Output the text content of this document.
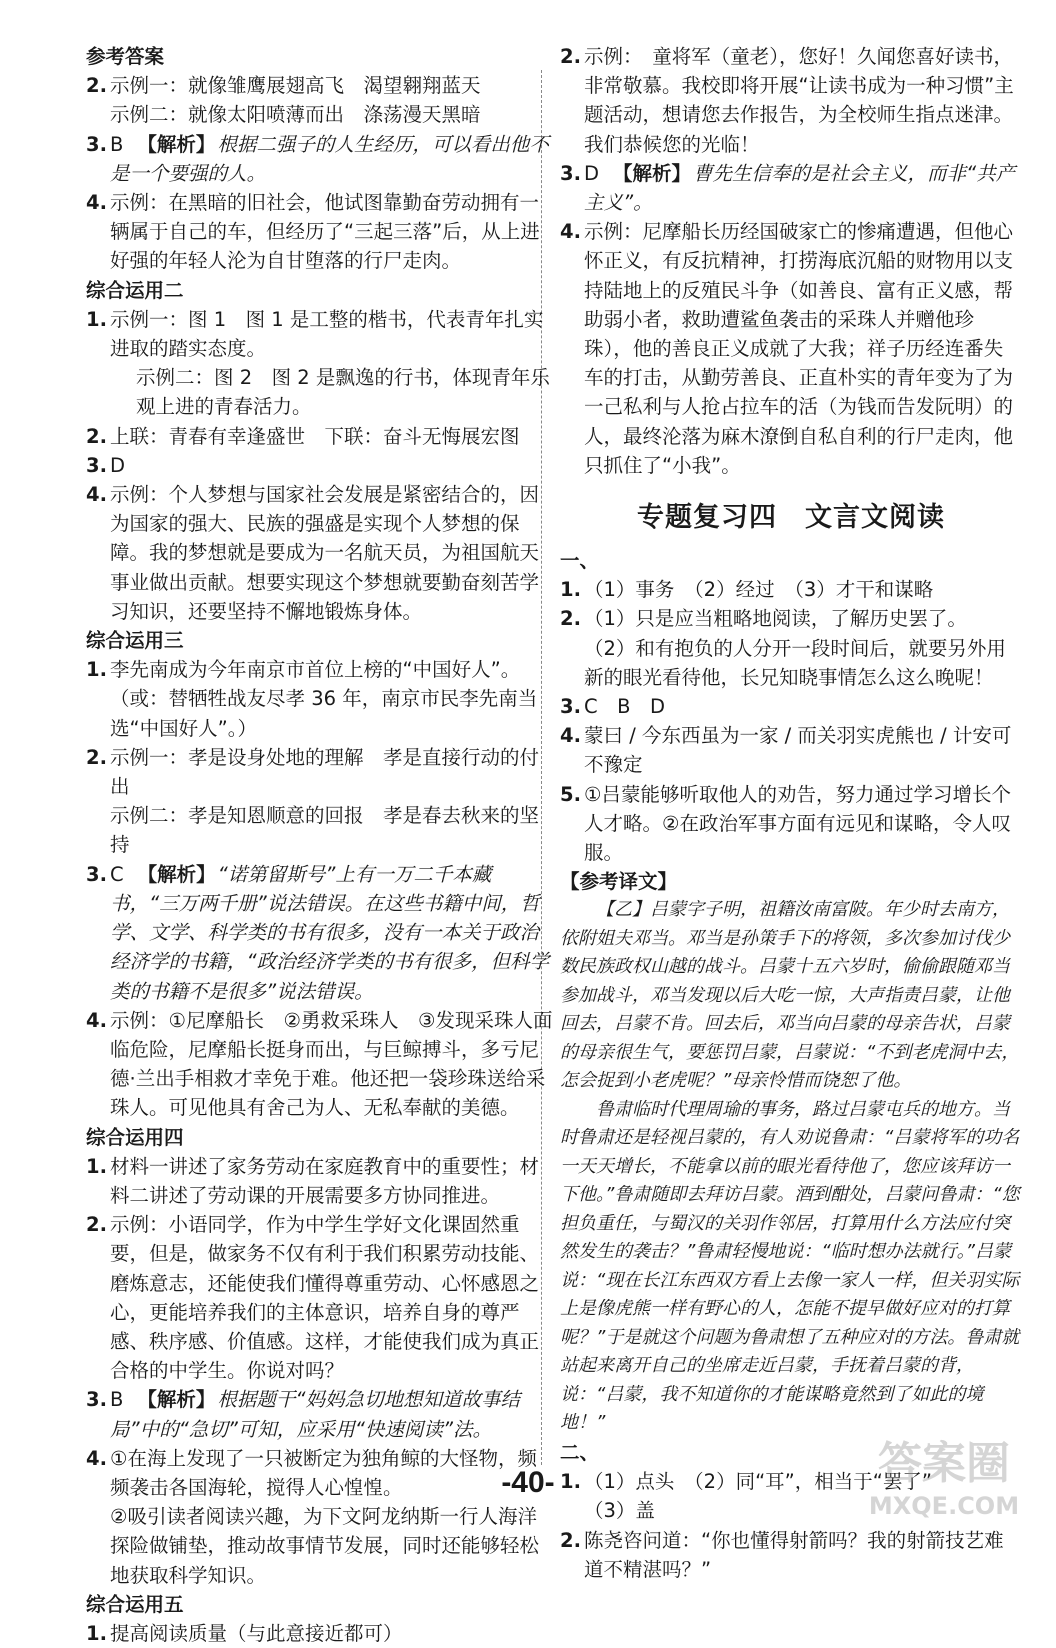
参考答案
2. 示例一：就像雏鹰展翅高飞　渴望翱翔蓝天
示例二：就像太阳喷薄而出　涤荡漫天黑暗
3. B 【解析】 根据二强子的人生经历，可以看出他不是一个要强的人。
4. 示例：在黑暗的旧社会，他试图靠勤奋劳动拥有一辆属于自己的车，但经历了“三起三落”后，从上进好强的年轻人沦为自甘堕落的行尸走肉。
综合运用二
1. 示例一：图 1　图 1 是工整的楷书，代表青年扎实进取的踏实态度。
示例二：图 2　图 2 是飘逸的行书，体现青年乐观上进的青春活力。
2. 上联：青春有幸逢盛世　下联：奋斗无悔展宏图
3. D
4. 示例：个人梦想与国家社会发展是紧密结合的，因为国家的强大、民族的强盛是实现个人梦想的保障。我的梦想就是要成为一名航天员，为祖国航天事业做出贡献。想要实现这个梦想就要勤奋刻苦学习知识，还要坚持不懈地锻炼身体。
综合运用三
1. 李先南成为今年南京市首位上榜的“中国好人”。（或：替牺牲战友尽孝 36 年，南京市民李先南当选“中国好人”。）
2. 示例一：孝是设身处地的理解　孝是直接行动的付出
示例二：孝是知恩顺意的回报　孝是春去秋来的坚持
3. C 【解析】 “诺第留斯号”上有一万二千本藏书，“三万两千册”说法错误。在这些书籍中间，哲学、文学、科学类的书有很多，没有一本关于政治经济学的书籍，“政治经济学类的书有很多，但科学类的书籍不是很多”说法错误。
4. 示例：①尼摩船长　②勇救采珠人　③发现采珠人面临危险，尼摩船长挺身而出，与巨鲸搏斗，多亏尼德·兰出手相救才幸免于难。他还把一袋珍珠送给采珠人。可见他具有舍己为人、无私奉献的美德。
综合运用四
1. 材料一讲述了家务劳动在家庭教育中的重要性；材料二讲述了劳动课的开展需要多方协同推进。
2. 示例：小语同学，作为中学生学好文化课固然重要，但是，做家务不仅有利于我们积累劳动技能、磨炼意志，还能使我们懂得尊重劳动、心怀感恩之心，更能培养我们的主体意识，培养自身的尊严感、秩序感、价值感。这样，才能使我们成为真正合格的中学生。你说对吗？
3. B 【解析】 根据题干“妈妈急切地想知道故事结局”中的“急切”可知，应采用“快速阅读”法。
4. ①在海上发现了一只被断定为独角鲸的大怪物，频频袭击各国海轮，搅得人心惶惶。
②吸引读者阅读兴趣，为下文阿龙纳斯一行人海洋探险做铺垫，推动故事情节发展，同时还能够轻松地获取科学知识。
综合运用五
1. 提高阅读质量（与此意接近都可）
2. 示例：　童将军（童老），您好！久闻您喜好读书，非常敬慕。我校即将开展“让读书成为一种习惯”主题活动，想请您去作报告，为全校师生指点迷津。我们恭候您的光临！
3. D 【解析】 曹先生信奉的是社会主义，而非“共产主义”。
4. 示例：尼摩船长历经国破家亡的惨痛遭遇，但他心怀正义，有反抗精神，打捞海底沉船的财物用以支持陆地上的反殖民斗争（如善良、富有正义感，帮助弱小者，救助遭鲨鱼袭击的采珠人并赠他珍珠），他的善良正义成就了大我；祥子历经连番失车的打击，从勤劳善良、正直朴实的青年变为了为一己私利与人抢占拉车的活（为钱而告发阮明）的人，最终沦落为麻木潦倒自私自利的行尸走肉，他只抓住了“小我”。
专题复习四　文言文阅读
一、
1. （1）事务　（2）经过　（3）才干和谋略
2. （1）只是应当粗略地阅读，了解历史罢了。
（2）和有抱负的人分开一段时间后，就要另外用新的眼光看待他，长兄知晓事情怎么这么晚呢！
3. C　B　D
4. 蒙曰 / 今东西虽为一家 / 而关羽实虎熊也 / 计安可不豫定
5. ①吕蒙能够听取他人的劝告，努力通过学习增长个人才略。②在政治军事方面有远见和谋略，令人叹服。
【参考译文】

【乙】吕蒙字子明，祖籍汝南富陂。年少时去南方，依附姐夫邓当。邓当是孙策手下的将领，多次参加讨伐少数民族政权山越的战斗。吕蒙十五六岁时，偷偷跟随邓当参加战斗，邓当发现以后大吃一惊，大声指责吕蒙，让他回去，吕蒙不肯。回去后，邓当向吕蒙的母亲告状，吕蒙的母亲很生气，要惩罚吕蒙，吕蒙说：“不到老虎洞中去，怎会捉到小老虎呢？”母亲怜惜而饶恕了他。

鲁肃临时代理周瑜的事务，路过吕蒙屯兵的地方。当时鲁肃还是轻视吕蒙的，有人劝说鲁肃：“吕蒙将军的功名一天天增长，不能拿以前的眼光看待他了，您应该拜访一下他。”鲁肃随即去拜访吕蒙。酒到酣处，吕蒙问鲁肃：“您担负重任，与蜀汉的关羽作邻居，打算用什么方法应付突然发生的袭击？”鲁肃轻慢地说：“临时想办法就行。”吕蒙说：“现在长江东西双方看上去像一家人一样，但关羽实际上是像虎熊一样有野心的人，怎能不提早做好应对的打算呢？”于是就这个问题为鲁肃想了五种应对的方法。鲁肃就站起来离开自己的坐席走近吕蒙，手抚着吕蒙的背，说：“吕蒙，我不知道你的才能谋略竟然到了如此的境地！”

二、
1. （1）点头　（2）同“耳”，相当于“罢了”
（3）盖
2. 陈尧咨问道：“你也懂得射箭吗？我的射箭技艺难道不精湛吗？”
-40-	答案圈
MXQE.COM
